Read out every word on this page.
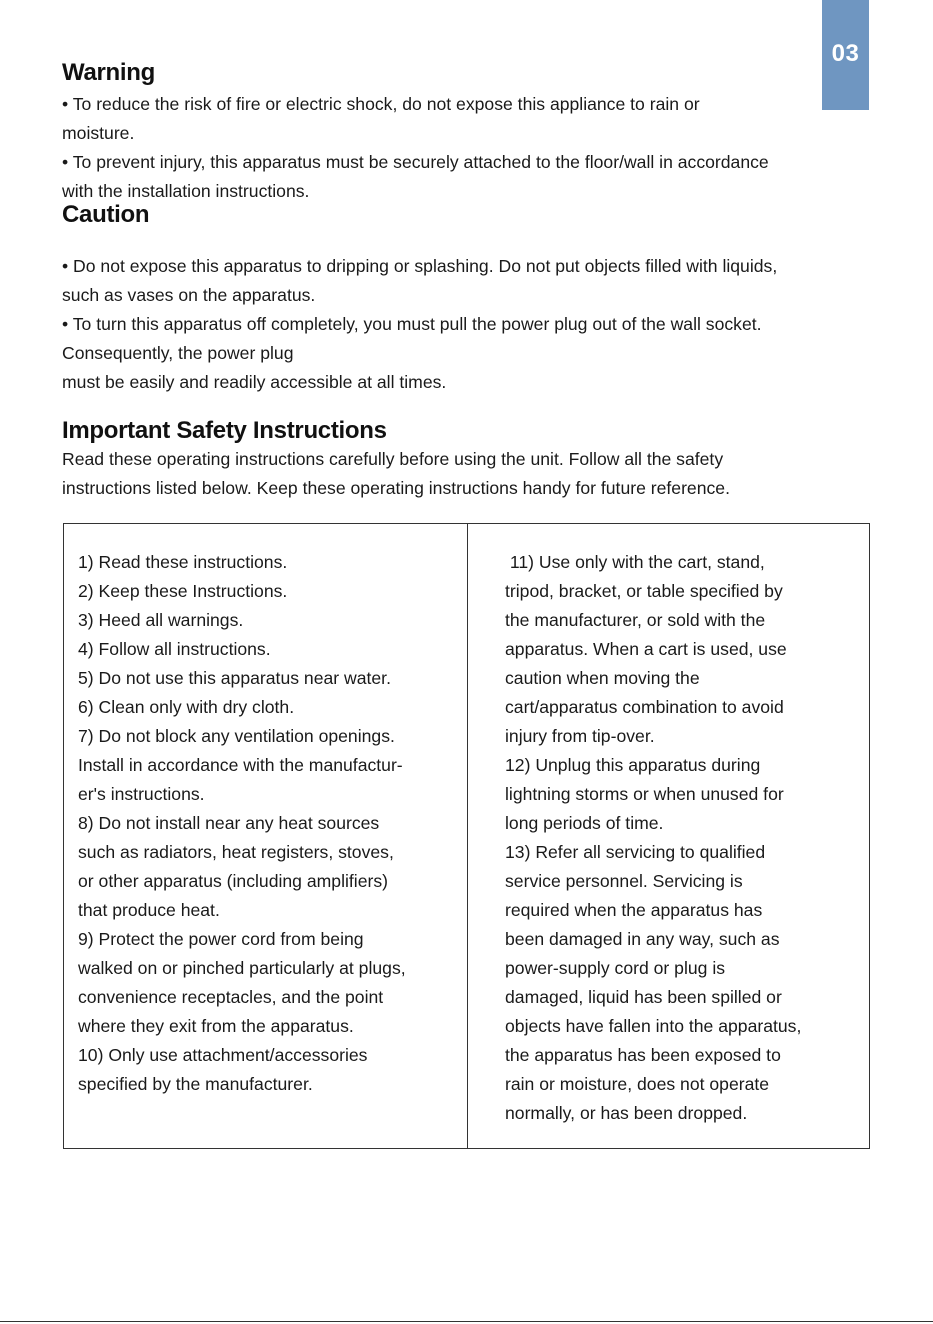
03
Warning

• To reduce the risk of fire or electric shock, do not expose this appliance to rain or

moisture.

• To prevent injury, this apparatus must be securely attached to the floor/wall in accordance

with the installation instructions.

Caution

• Do not expose this apparatus to dripping or splashing. Do not put objects filled with liquids,

such as vases on the apparatus.

• To turn this apparatus off completely, you must pull the power plug out of the wall socket.

Consequently, the power plug

must be easily and readily accessible at all times.

Important Safety Instructions

Read these operating instructions carefully before using the unit. Follow all the safety

instructions listed below. Keep these operating instructions handy for future reference.

1) Read these instructions.

2) Keep these Instructions.

3) Heed all warnings.

4) Follow all instructions.

5) Do not use this apparatus near water.

6) Clean only with dry cloth.

7) Do not block any ventilation openings.

Install in accordance with the manufactur-

er's instructions.

8) Do not install near any heat sources

such as radiators, heat registers, stoves,

or other apparatus (including amplifiers)

that produce heat.

9) Protect the power cord from being

walked on or pinched particularly at plugs,

convenience receptacles, and the point

where they exit from the apparatus.

10) Only use attachment/accessories

specified by the manufacturer.

11) Use only with the cart, stand,

tripod, bracket, or table specified by

the manufacturer, or sold with the

apparatus. When a cart is used, use

caution when moving the

cart/apparatus combination to avoid

injury from tip-over.

12) Unplug this apparatus during

lightning storms or when unused for

long periods of time.

13) Refer all servicing to qualified

service personnel. Servicing is

required when the apparatus has

been damaged in any way, such as

power-supply cord or plug is

damaged, liquid has been spilled or

objects have fallen into the apparatus,

the apparatus has been exposed to

rain or moisture, does not operate

normally, or has been dropped.
